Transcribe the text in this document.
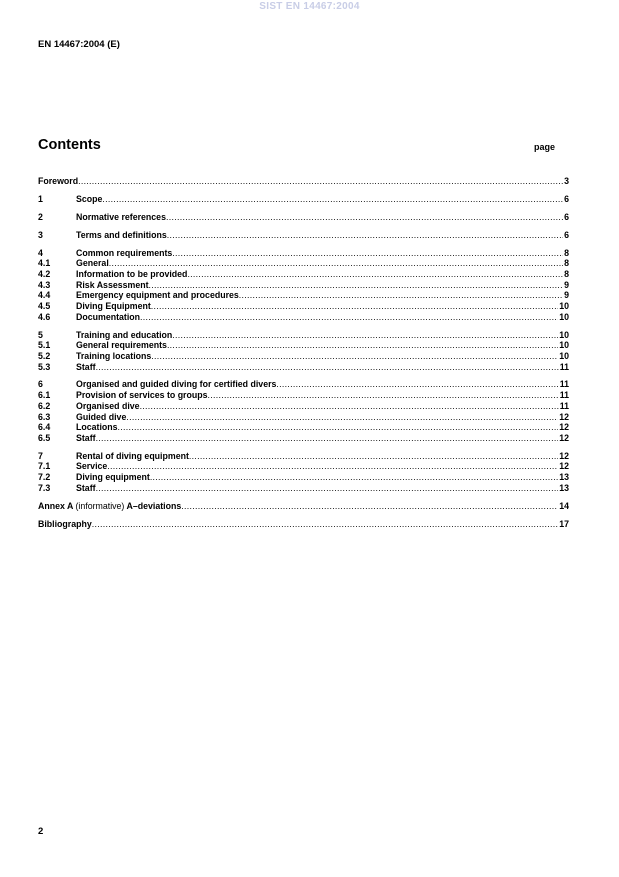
SIST EN 14467:2004
EN 14467:2004 (E)
Contents	page
Foreword .....	3
1	Scope .....	6
2	Normative references .....	6
3	Terms and definitions .....	6
4	Common requirements .....	8
4.1	General .....	8
4.2	Information to be provided .....	8
4.3	Risk Assessment .....	9
4.4	Emergency equipment and procedures .....	9
4.5	Diving Equipment .....	10
4.6	Documentation .....	10
5	Training and education .....	10
5.1	General requirements .....	10
5.2	Training locations .....	10
5.3	Staff .....	11
6	Organised and guided diving for certified divers .....	11
6.1	Provision of services to groups .....	11
6.2	Organised dive .....	11
6.3	Guided dive .....	12
6.4	Locations .....	12
6.5	Staff .....	12
7	Rental of diving equipment .....	12
7.1	Service .....	12
7.2	Diving equipment .....	13
7.3	Staff .....	13
Annex A (informative) A–deviations .....	14
Bibliography .....	17
2
